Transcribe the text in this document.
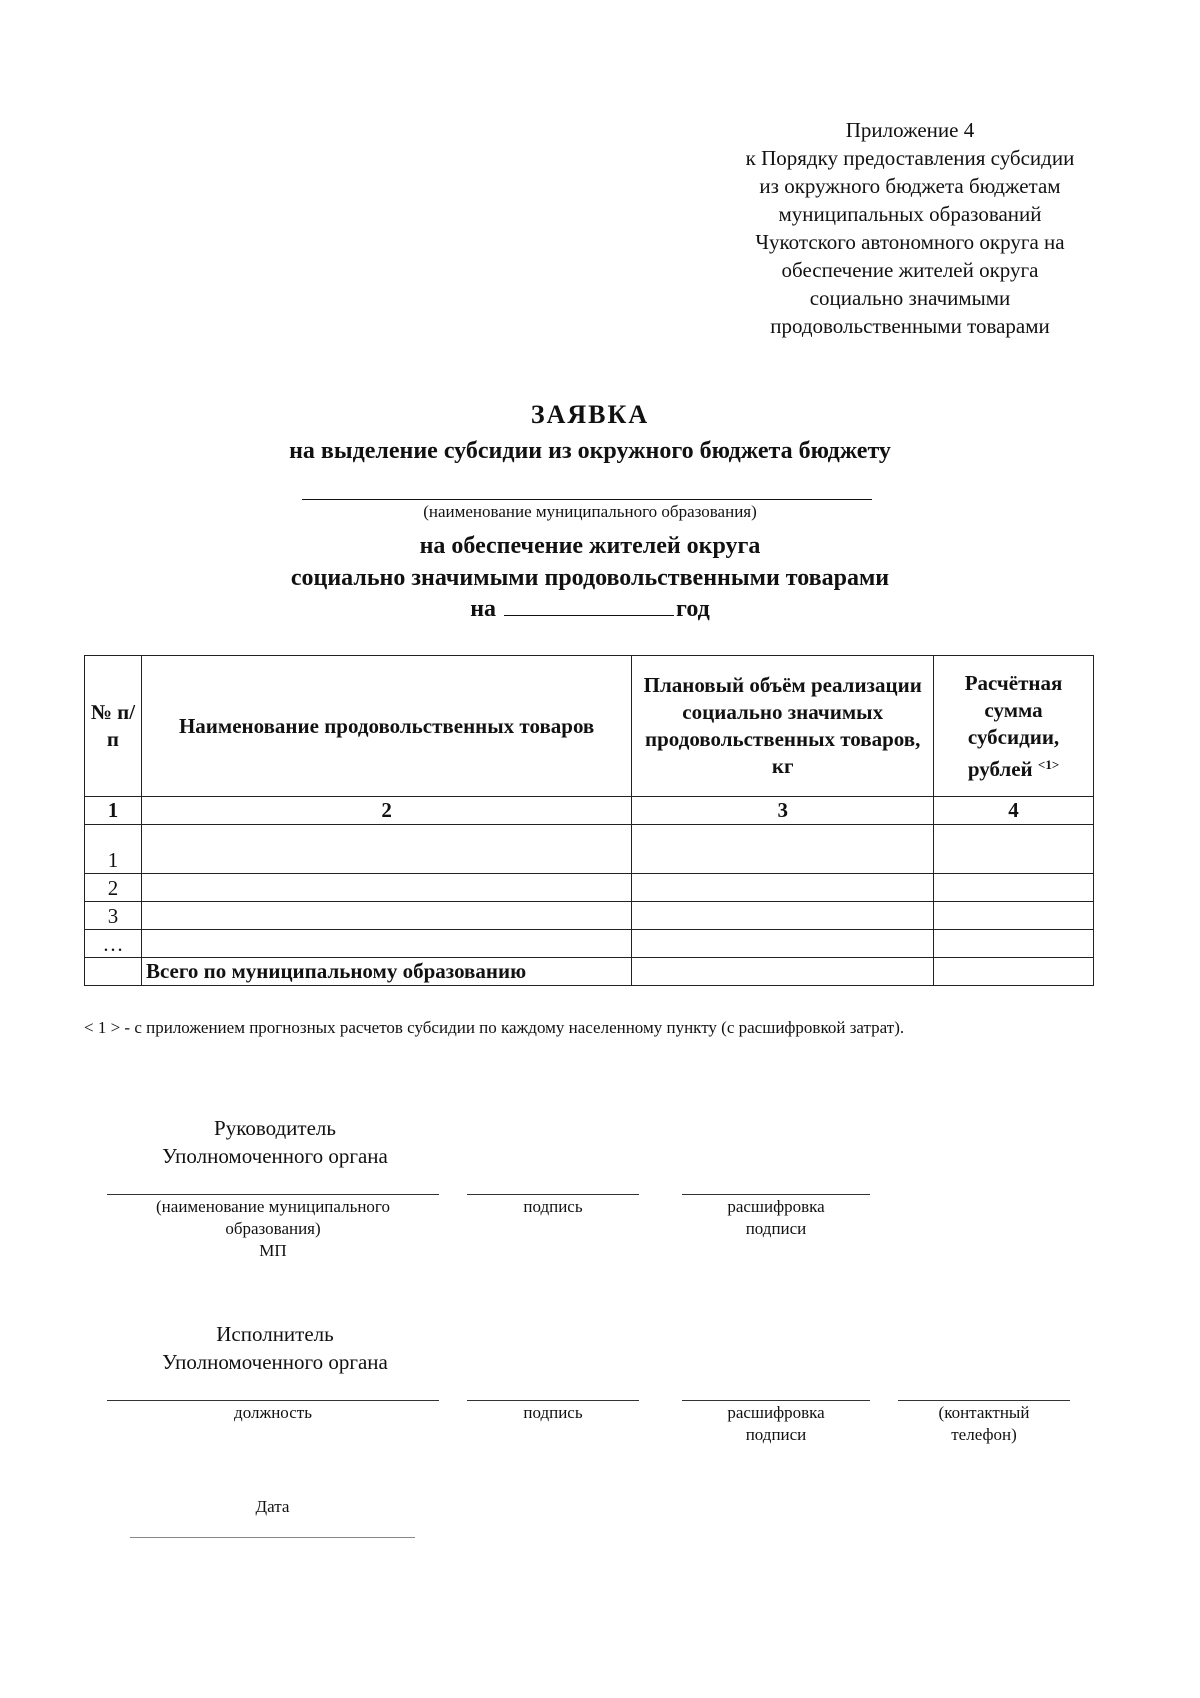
Приложение 4
к Порядку предоставления субсидии
из окружного бюджета бюджетам
муниципальных образований
Чукотского автономного округа на
обеспечение жителей округа
социально значимыми
продовольственными товарами
ЗАЯВКА
на выделение субсидии из окружного бюджета бюджету
(наименование муниципального образования)
на обеспечение жителей округа
социально значимыми продовольственными товарами
на	год
№ п/п	Наименование продовольственных товаров	Плановый объём реализации социально значимых продовольственных товаров, кг	Расчётная сумма субсидии, рублей $^{<1>}$
1	2	3	4
1			
2			
3			
…			
	Всего по муниципальному образованию		
< 1 > - с приложением прогнозных расчетов субсидии по каждому населенному пункту (с расшифровкой затрат).
Руководитель
Уполномоченного органа
(наименование муниципального
образования)
МП
подпись	расшифровка
подписи
Исполнитель
Уполномоченного органа
должность	подпись	расшифровка
подписи
(контактный
телефон)
Дата
